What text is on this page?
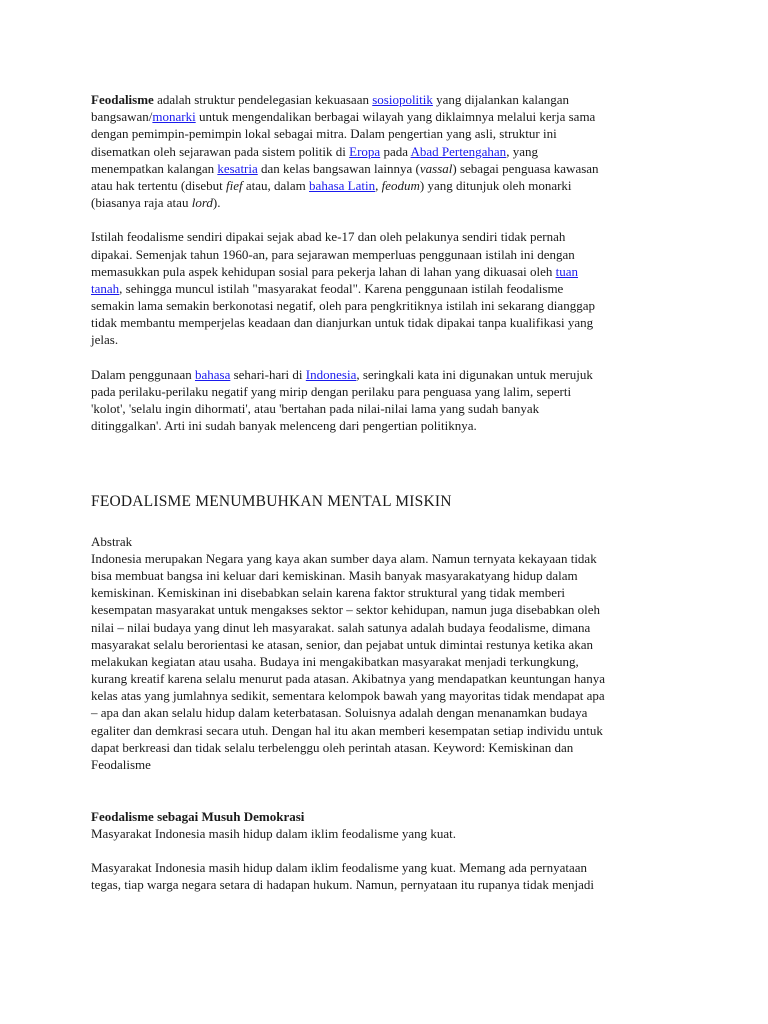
Feodalisme adalah struktur pendelegasian kekuasaan sosiopolitik yang dijalankan kalangan
bangsawan/monarki untuk mengendalikan berbagai wilayah yang diklaimnya melalui kerja sama
dengan pemimpin-pemimpin lokal sebagai mitra. Dalam pengertian yang asli, struktur ini
disematkan oleh sejarawan pada sistem politik di Eropa pada Abad Pertengahan, yang
menempatkan kalangan kesatria dan kelas bangsawan lainnya (vassal) sebagai penguasa kawasan
atau hak tertentu (disebut fief atau, dalam bahasa Latin, feodum) yang ditunjuk oleh monarki
(biasanya raja atau lord).
Istilah feodalisme sendiri dipakai sejak abad ke-17 dan oleh pelakunya sendiri tidak pernah
dipakai. Semenjak tahun 1960-an, para sejarawan memperluas penggunaan istilah ini dengan
memasukkan pula aspek kehidupan sosial para pekerja lahan di lahan yang dikuasai oleh tuan
tanah, sehingga muncul istilah "masyarakat feodal". Karena penggunaan istilah feodalisme
semakin lama semakin berkonotasi negatif, oleh para pengkritiknya istilah ini sekarang dianggap
tidak membantu memperjelas keadaan dan dianjurkan untuk tidak dipakai tanpa kualifikasi yang
jelas.
Dalam penggunaan bahasa sehari-hari di Indonesia, seringkali kata ini digunakan untuk merujuk
pada perilaku-perilaku negatif yang mirip dengan perilaku para penguasa yang lalim, seperti
'kolot', 'selalu ingin dihormati', atau 'bertahan pada nilai-nilai lama yang sudah banyak
ditinggalkan'. Arti ini sudah banyak melenceng dari pengertian politiknya.
FEODALISME MENUMBUHKAN MENTAL MISKIN
Abstrak
Indonesia merupakan Negara yang kaya akan sumber daya alam. Namun ternyata kekayaan tidak
bisa membuat bangsa ini keluar dari kemiskinan. Masih banyak masyarakatyang hidup dalam
kemiskinan. Kemiskinan ini disebabkan selain karena faktor struktural yang tidak memberi
kesempatan masyarakat untuk mengakses sektor – sektor kehidupan, namun juga disebabkan oleh
nilai – nilai budaya yang dinut leh masyarakat. salah satunya adalah budaya feodalisme, dimana
masyarakat selalu berorientasi ke atasan, senior, dan pejabat untuk dimintai restunya ketika akan
melakukan kegiatan atau usaha. Budaya ini mengakibatkan masyarakat menjadi terkungkung,
kurang kreatif karena selalu menurut pada atasan. Akibatnya yang mendapatkan keuntungan hanya
kelas atas yang jumlahnya sedikit, sementara kelompok bawah yang mayoritas tidak mendapat apa
– apa dan akan selalu hidup dalam keterbatasan. Soluisnya adalah dengan menanamkan budaya
egaliter dan demkrasi secara utuh. Dengan hal itu akan memberi kesempatan setiap individu untuk
dapat berkreasi dan tidak selalu terbelenggu oleh perintah atasan. Keyword: Kemiskinan dan
Feodalisme
Feodalisme sebagai Musuh Demokrasi
Masyarakat Indonesia masih hidup dalam iklim feodalisme yang kuat.
Masyarakat Indonesia masih hidup dalam iklim feodalisme yang kuat. Memang ada pernyataan
tegas, tiap warga negara setara di hadapan hukum. Namun, pernyataan itu rupanya tidak menjadi
